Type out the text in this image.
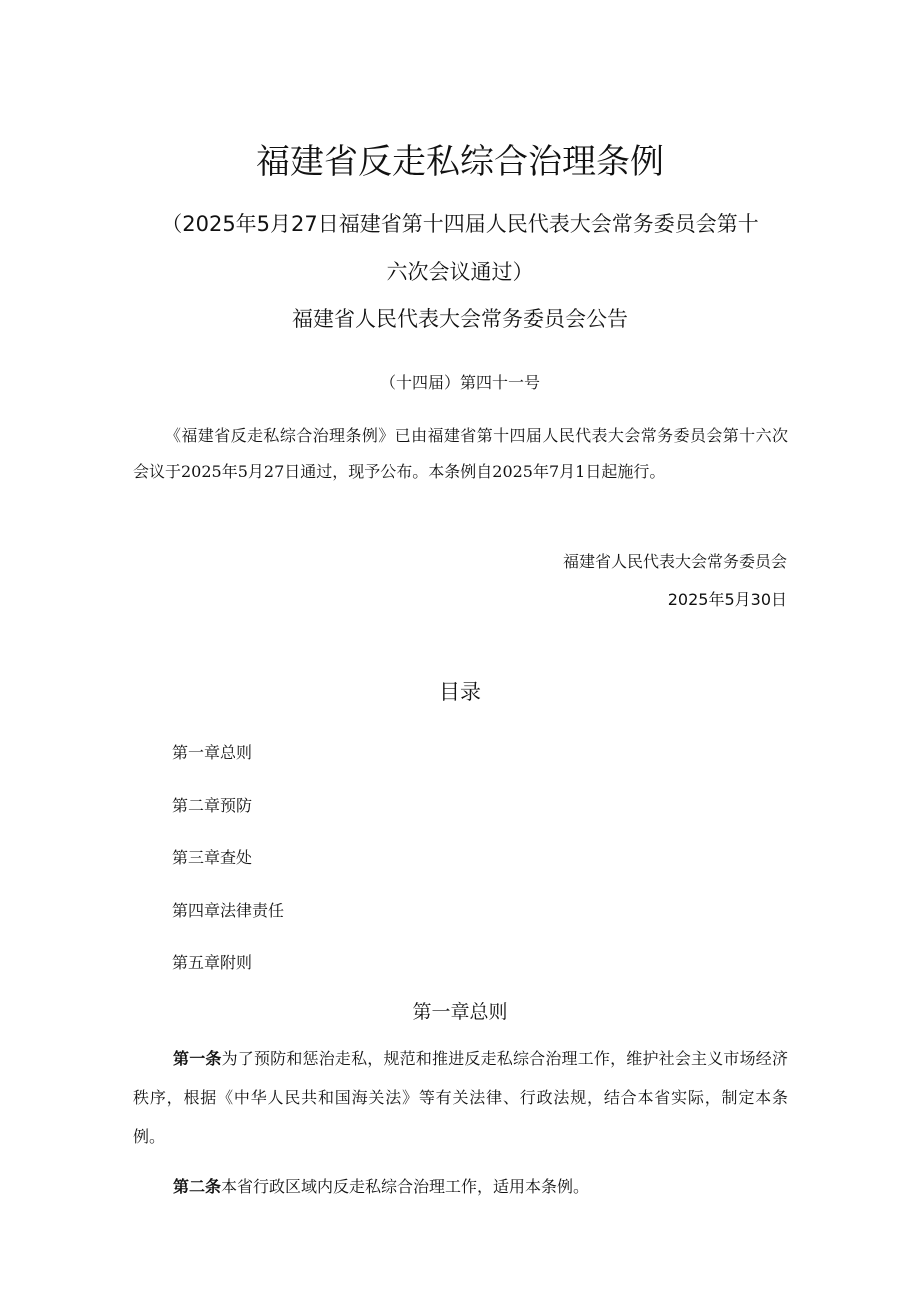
福建省反走私综合治理条例
（2025年5月27日福建省第十四届人民代表大会常务委员会第十六次会议通过）
福建省人民代表大会常务委员会公告
（十四届）第四十一号
《福建省反走私综合治理条例》已由福建省第十四届人民代表大会常务委员会第十六次会议于2025年5月27日通过，现予公布。本条例自2025年7月1日起施行。
福建省人民代表大会常务委员会
2025年5月30日
目录
第一章总则
第二章预防
第三章查处
第四章法律责任
第五章附则
第一章总则
第一条为了预防和惩治走私，规范和推进反走私综合治理工作，维护社会主义市场经济秩序，根据《中华人民共和国海关法》等有关法律、行政法规，结合本省实际，制定本条例。
第二条本省行政区域内反走私综合治理工作，适用本条例。
